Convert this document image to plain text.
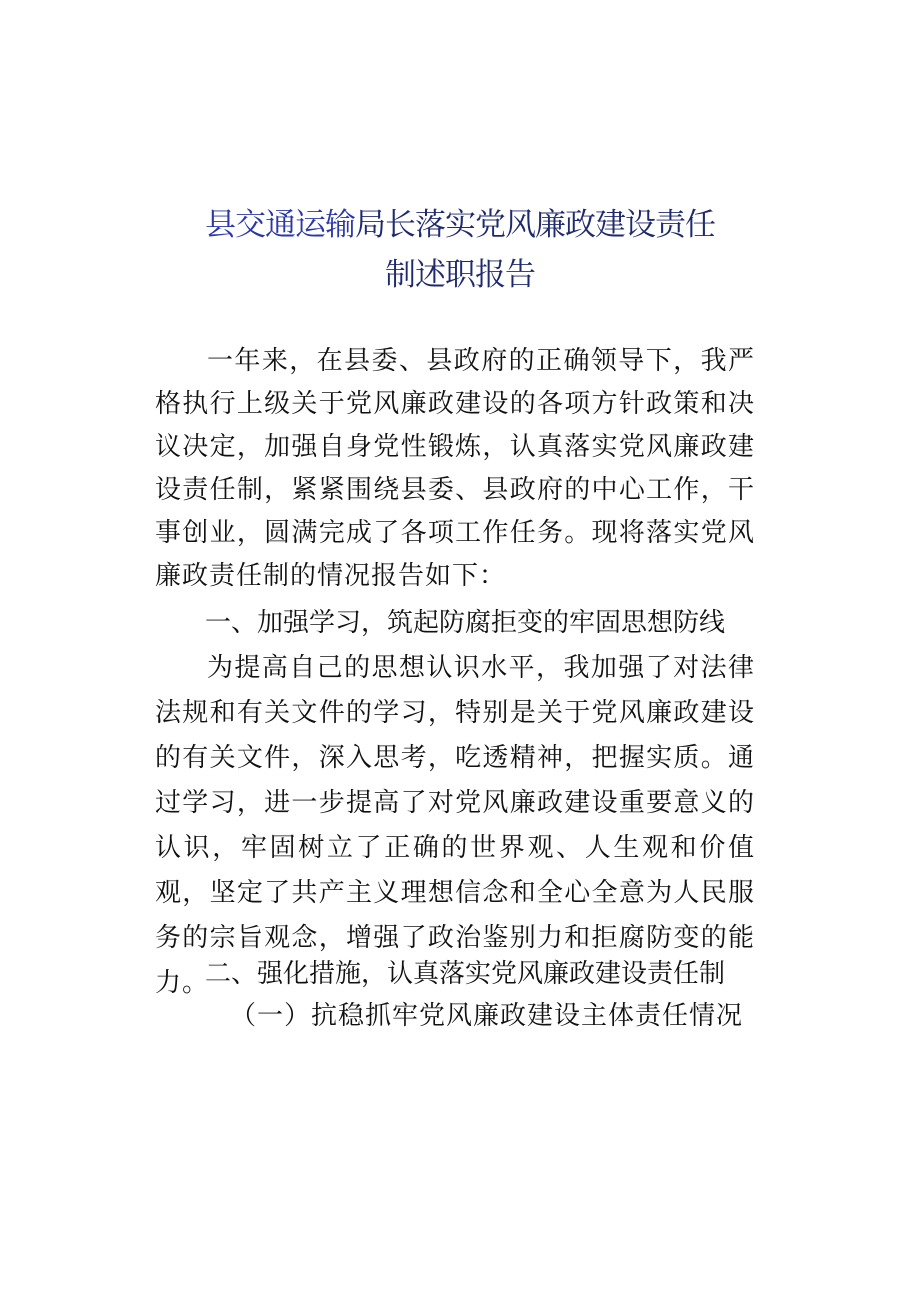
县交通运输局长落实党风廉政建设责任
制述职报告

一年来，在县委、县政府的正确领导下，我严格执行上级关于党风廉政建设的各项方针政策和决议决定，加强自身党性锻炼，认真落实党风廉政建设责任制，紧紧围绕县委、县政府的中心工作，干事创业，圆满完成了各项工作任务。现将落实党风廉政责任制的情况报告如下：

一、加强学习，筑起防腐拒变的牢固思想防线

为提高自己的思想认识水平，我加强了对法律法规和有关文件的学习，特别是关于党风廉政建设的有关文件，深入思考，吃透精神，把握实质。通过学习，进一步提高了对党风廉政建设重要意义的认识，牢固树立了正确的世界观、人生观和价值观，坚定了共产主义理想信念和全心全意为人民服务的宗旨观念，增强了政治鉴别力和拒腐防变的能力。

二、强化措施，认真落实党风廉政建设责任制

（一）抗稳抓牢党风廉政建设主体责任情况
